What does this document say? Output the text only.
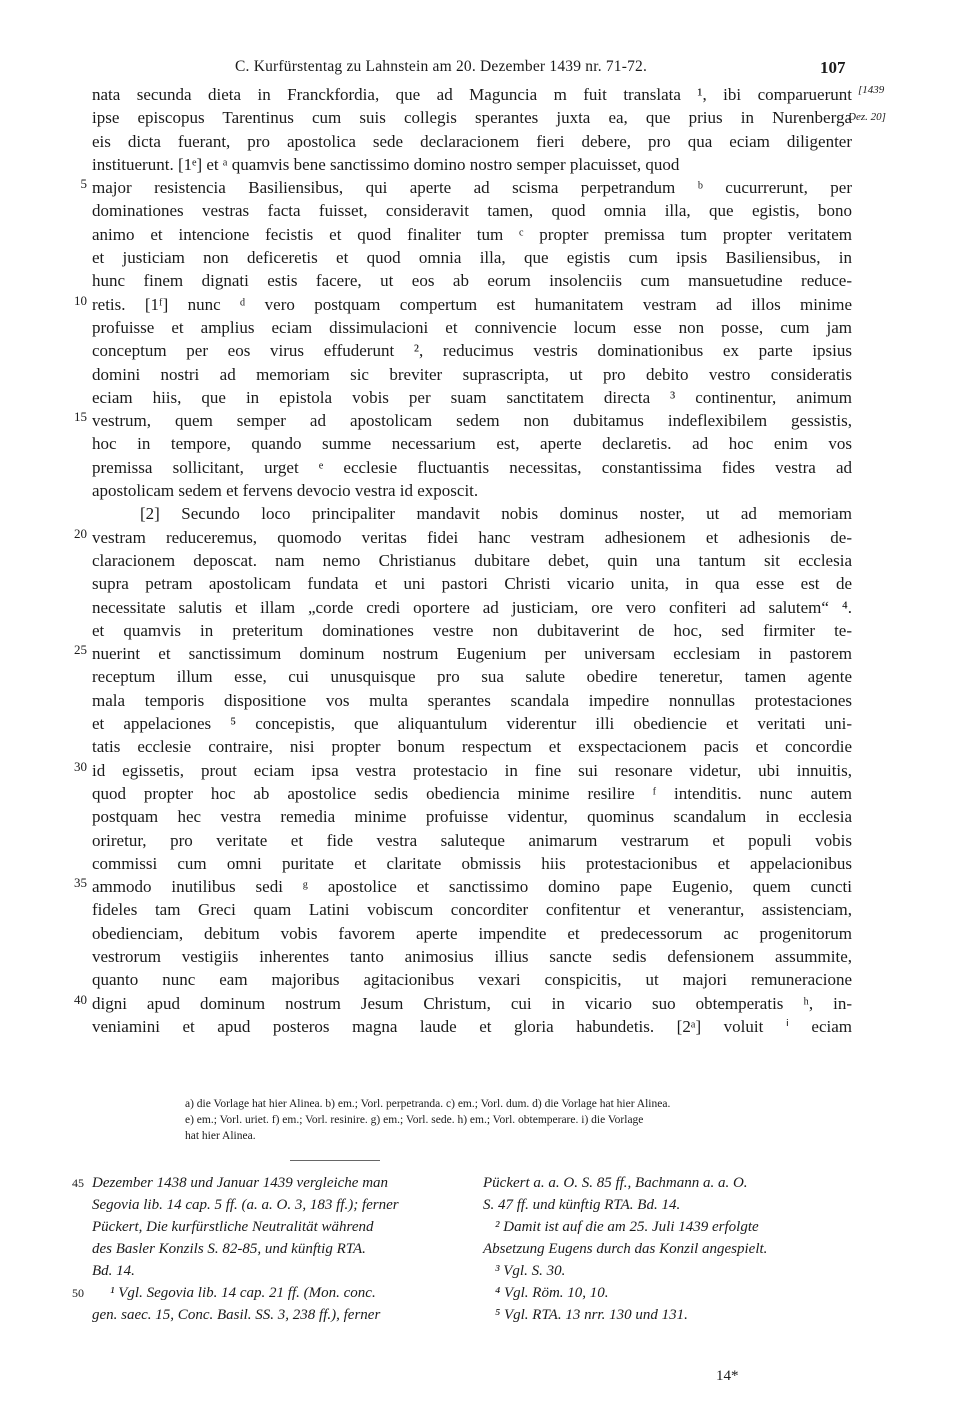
C. Kurfürstentag zu Lahnstein am 20. Dezember 1439 nr. 71-72.	107
[1439
Dez. 20]
nata secunda dieta in Franckfordia, que ad Maguncia m fuit translata ¹, ibi comparuerunt
ipse episcopus Tarentinus cum suis collegis sperantes juxta ea, que prius in Nurenberga
eis dicta fuerant, pro apostolica sede declaracionem fieri debere, pro qua eciam diligenter
instituerunt. [1ᵉ] et ᵃ quamvis bene sanctissimo domino nostro semper placuisset, quod
5 major resistencia Basiliensibus, qui aperte ad scisma perpetrandum ᵇ cucurrerunt, per
dominationes vestras facta fuisset, consideravit tamen, quod omnia illa, que egistis, bono
animo et intencione fecistis et quod finaliter tum ᶜ propter premissa tum propter veritatem
et justiciam non deficeretis et quod omnia illa, que egistis cum ipsis Basiliensibus, in
hunc finem dignati estis facere, ut eos ab eorum insolenciis cum mansuetudine reduce-
10 retis. [1ᶠ] nunc ᵈ vero postquam compertum est humanitatem vestram ad illos minime
profuisse et amplius eciam dissimulacioni et connivencie locum esse non posse, cum jam
conceptum per eos virus effuderunt ², reducimus vestris dominationibus ex parte ipsius
domini nostri ad memoriam sic breviter suprascripta, ut pro debito vestro consideratis
eciam hiis, que in epistola vobis per suam sanctitatem directa ³ continentur, animum
15 vestrum, quem semper ad apostolicam sedem non dubitamus indeflexibilem gessistis,
hoc in tempore, quando summe necessarium est, aperte declaretis. ad hoc enim vos
premissa sollicitant, urget ᵉ ecclesie fluctuantis necessitas, constantissima fides vestra ad
apostolicam sedem et fervens devocio vestra id exposcit.
[2] Secundo loco principaliter mandavit nobis dominus noster, ut ad memoriam
20 vestram reduceremus, quomodo veritas fidei hanc vestram adhesionem et adhesionis de-
claracionem deposcat. nam nemo Christianus dubitare debet, quin una tantum sit ecclesia
supra petram apostolicam fundata et uni pastori Christi vicario unita, in qua esse est de
necessitate salutis et illam „corde credi oportere ad justiciam, ore vero confiteri ad salutem“ ⁴.
et quamvis in preteritum dominationes vestre non dubitaverint de hoc, sed firmiter te-
25 nuerint et sanctissimum dominum nostrum Eugenium per universam ecclesiam in pastorem
receptum illum esse, cui unusquisque pro sua salute obedire teneretur, tamen agente
mala temporis dispositione vos multa sperantes scandala impedire nonnullas protestaciones
et appelaciones ⁵ concepistis, que aliquantulum viderentur illi obediencie et veritati uni-
tatis ecclesie contraire, nisi propter bonum respectum et exspectacionem pacis et concordie
30 id egissetis, prout eciam ipsa vestra protestacio in fine sui resonare videtur, ubi innuitis,
quod propter hoc ab apostolice sedis obediencia minime resilire ᶠ intenditis. nunc autem
postquam hec vestra remedia minime profuisse videntur, quominus scandalum in ecclesia
oriretur, pro veritate et fide vestra saluteque animarum vestrarum et populi vobis
commissi cum omni puritate et claritate obmissis hiis protestacionibus et appelacionibus
35 ammodo inutilibus sedi ᵍ apostolice et sanctissimo domino pape Eugenio, quem cuncti
fideles tam Greci quam Latini vobiscum concorditer confitentur et venerantur, assistenciam,
obedienciam, debitum vobis favorem aperte impendite et predecessorum ac progenitorum
vestrorum vestigiis inherentes tanto animosius illius sancte sedis defensionem assummite,
quanto nunc eam majoribus agitacionibus vexari conspicitis, ut majori remuneracione
40 digni apud dominum nostrum Jesum Christum, cui in vicario suo obtemperatis ʰ, in-
veniamini et apud posteros magna laude et gloria habundetis. [2ᵃ] voluit ⁱ eciam
a) die Vorlage hat hier Alinea. b) em.; Vorl. perpetranda. c) em.; Vorl. dum. d) die Vorlage hat hier Alinea.
e) em.; Vorl. uriet. f) em.; Vorl. resinire. g) em.; Vorl. sede. h) em.; Vorl. obtemperare. i) die Vorlage
hat hier Alinea.
45 Dezember 1438 und Januar 1439 vergleiche man
Segovia lib. 14 cap. 5 ff. (a. a. O. 3, 183 ff.); ferner
Pückert, Die kurfürstliche Neutralität während
des Basler Konzils S. 82-85, und künftig RTA.
Bd. 14.
50 ¹ Vgl. Segovia lib. 14 cap. 21 ff. (Mon. conc.
gen. saec. 15, Conc. Basil. SS. 3, 238 ff.), ferner
Pückert a. a. O. S. 85 ff., Bachmann a. a. O.
S. 47 ff. und künftig RTA. Bd. 14.
² Damit ist auf die am 25. Juli 1439 erfolgte
Absetzung Eugens durch das Konzil angespielt.
³ Vgl. S. 30.
⁴ Vgl. Röm. 10, 10.
⁵ Vgl. RTA. 13 nrr. 130 und 131.
14*
